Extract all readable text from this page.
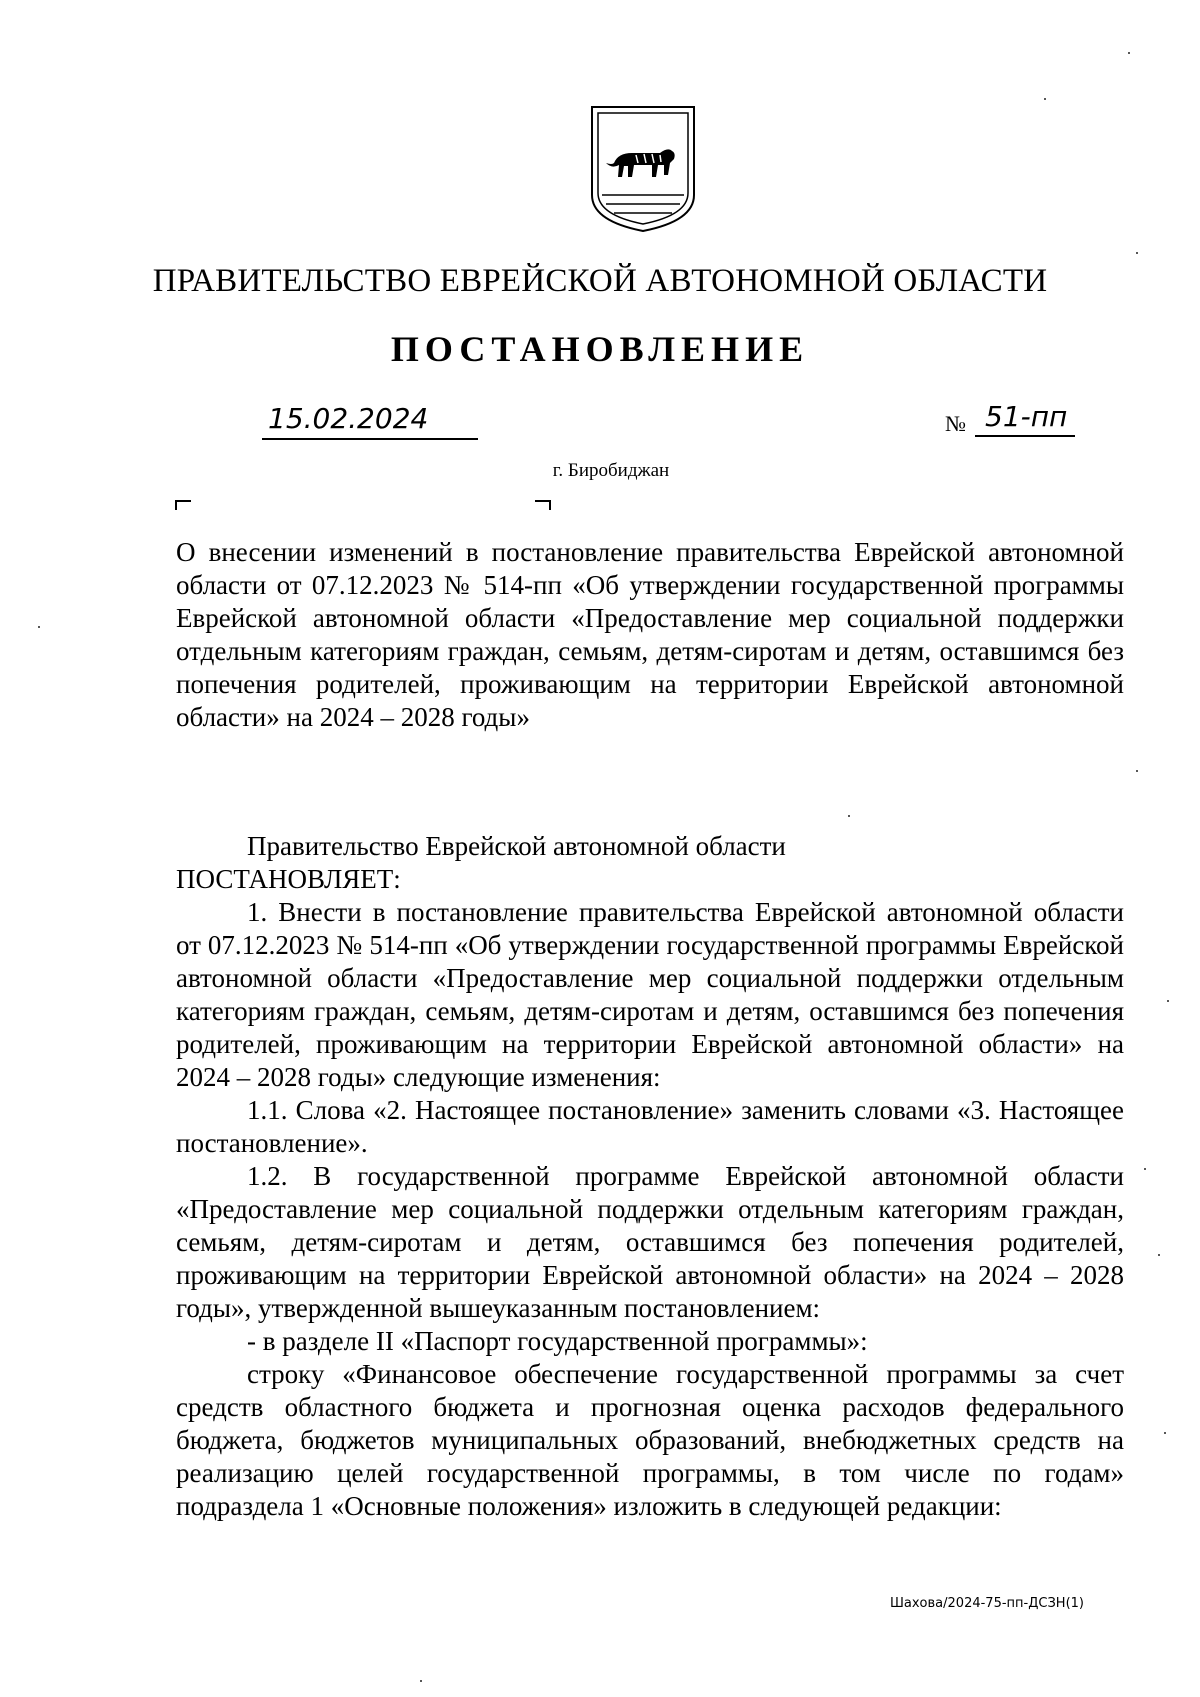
ПРАВИТЕЛЬСТВО ЕВРЕЙСКОЙ АВТОНОМНОЙ ОБЛАСТИ
ПОСТАНОВЛЕНИЕ
15.02.2024	№ 51-пп
г. Биробиджан

О внесении изменений в постановление правительства Еврейской автономной области от 07.12.2023 № 514-пп «Об утверждении государственной программы Еврейской автономной области «Предоставление мер социальной поддержки отдельным категориям граждан, семьям, детям-сиротам и детям, оставшимся без попечения родителей, проживающим на территории Еврейской автономной области» на 2024 – 2028 годы»

Правительство Еврейской автономной области

ПОСТАНОВЛЯЕТ:

1. Внести в постановление правительства Еврейской автономной области от 07.12.2023 № 514-пп «Об утверждении государственной программы Еврейской автономной области «Предоставление мер социальной поддержки отдельным категориям граждан, семьям, детям-сиротам и детям, оставшимся без попечения родителей, проживающим на территории Еврейской автономной области» на 2024 – 2028 годы» следующие изменения:

1.1. Слова «2. Настоящее постановление» заменить словами «3. Настоящее постановление».

1.2. В государственной программе Еврейской автономной области «Предоставление мер социальной поддержки отдельным категориям граждан, семьям, детям-сиротам и детям, оставшимся без попечения родителей, проживающим на территории Еврейской автономной области» на 2024 – 2028 годы», утвержденной вышеуказанным постановлением:

- в разделе II «Паспорт государственной программы»:

строку «Финансовое обеспечение государственной программы за счет средств областного бюджета и прогнозная оценка расходов федерального бюджета, бюджетов муниципальных образований, внебюджетных средств на реализацию целей государственной программы, в том числе по годам» подраздела 1 «Основные положения» изложить в следующей редакции:

Шахова/2024-75-пп-ДСЗН(1)
